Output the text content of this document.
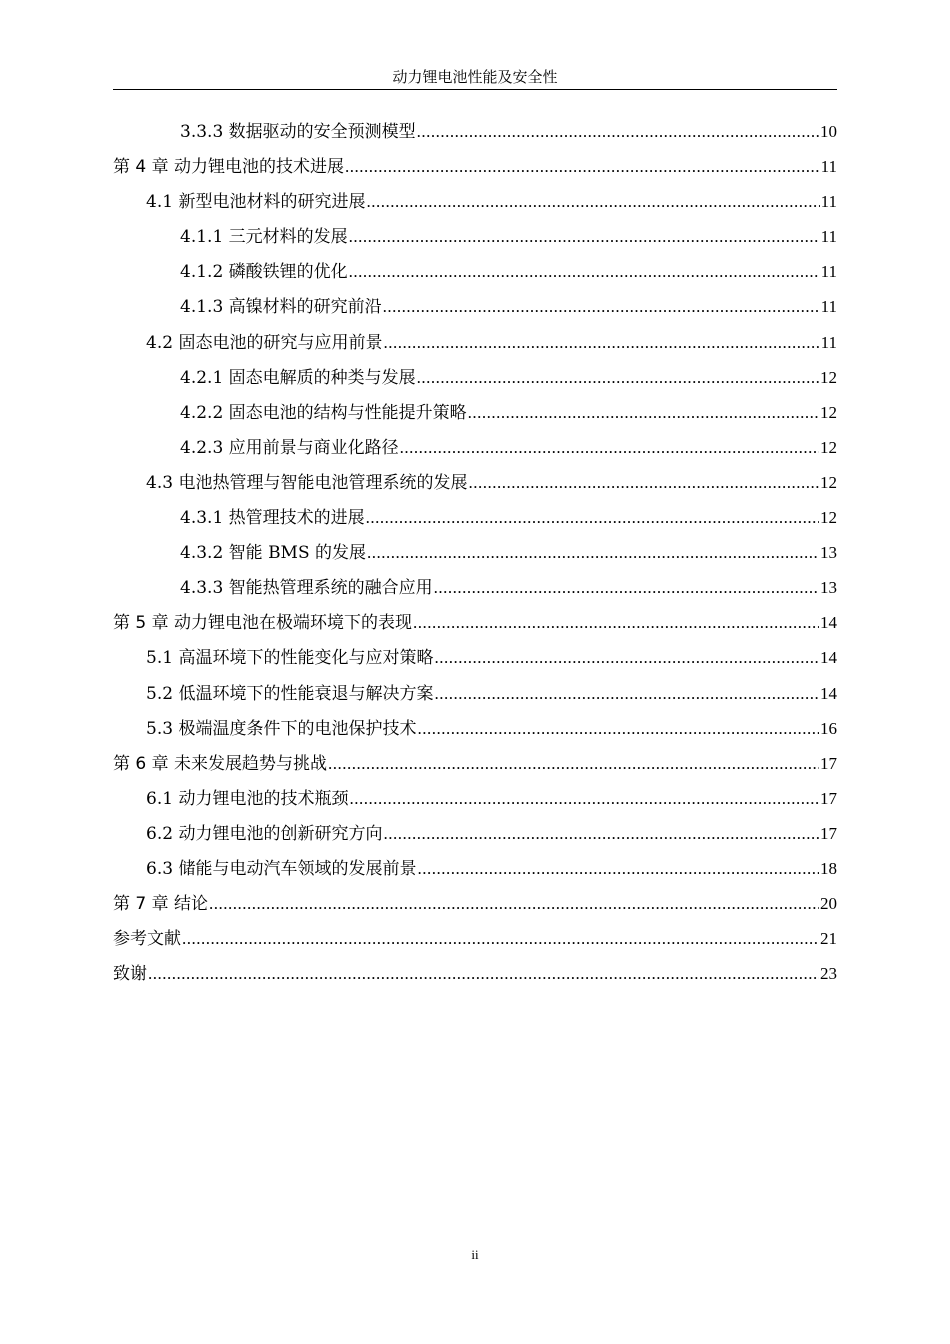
动力锂电池性能及安全性
3.3.3 数据驱动的安全预测模型 .....	10
第 4 章 动力锂电池的技术进展 .....	11
4.1 新型电池材料的研究进展 .....	11
4.1.1 三元材料的发展 .....	11
4.1.2 磷酸铁锂的优化 .....	11
4.1.3 高镍材料的研究前沿 .....	11
4.2 固态电池的研究与应用前景 .....	11
4.2.1 固态电解质的种类与发展 .....	12
4.2.2 固态电池的结构与性能提升策略 .....	12
4.2.3 应用前景与商业化路径 .....	12
4.3 电池热管理与智能电池管理系统的发展 .....	12
4.3.1 热管理技术的进展 .....	12
4.3.2 智能 BMS 的发展 .....	13
4.3.3 智能热管理系统的融合应用 .....	13
第 5 章 动力锂电池在极端环境下的表现 .....	14
5.1 高温环境下的性能变化与应对策略 .....	14
5.2 低温环境下的性能衰退与解决方案 .....	14
5.3 极端温度条件下的电池保护技术 .....	16
第 6 章 未来发展趋势与挑战 .....	17
6.1 动力锂电池的技术瓶颈 .....	17
6.2 动力锂电池的创新研究方向 .....	17
6.3 储能与电动汽车领域的发展前景 .....	18
第 7 章 结论 .....	20
参考文献 .....	21
致谢 .....	23
ii
